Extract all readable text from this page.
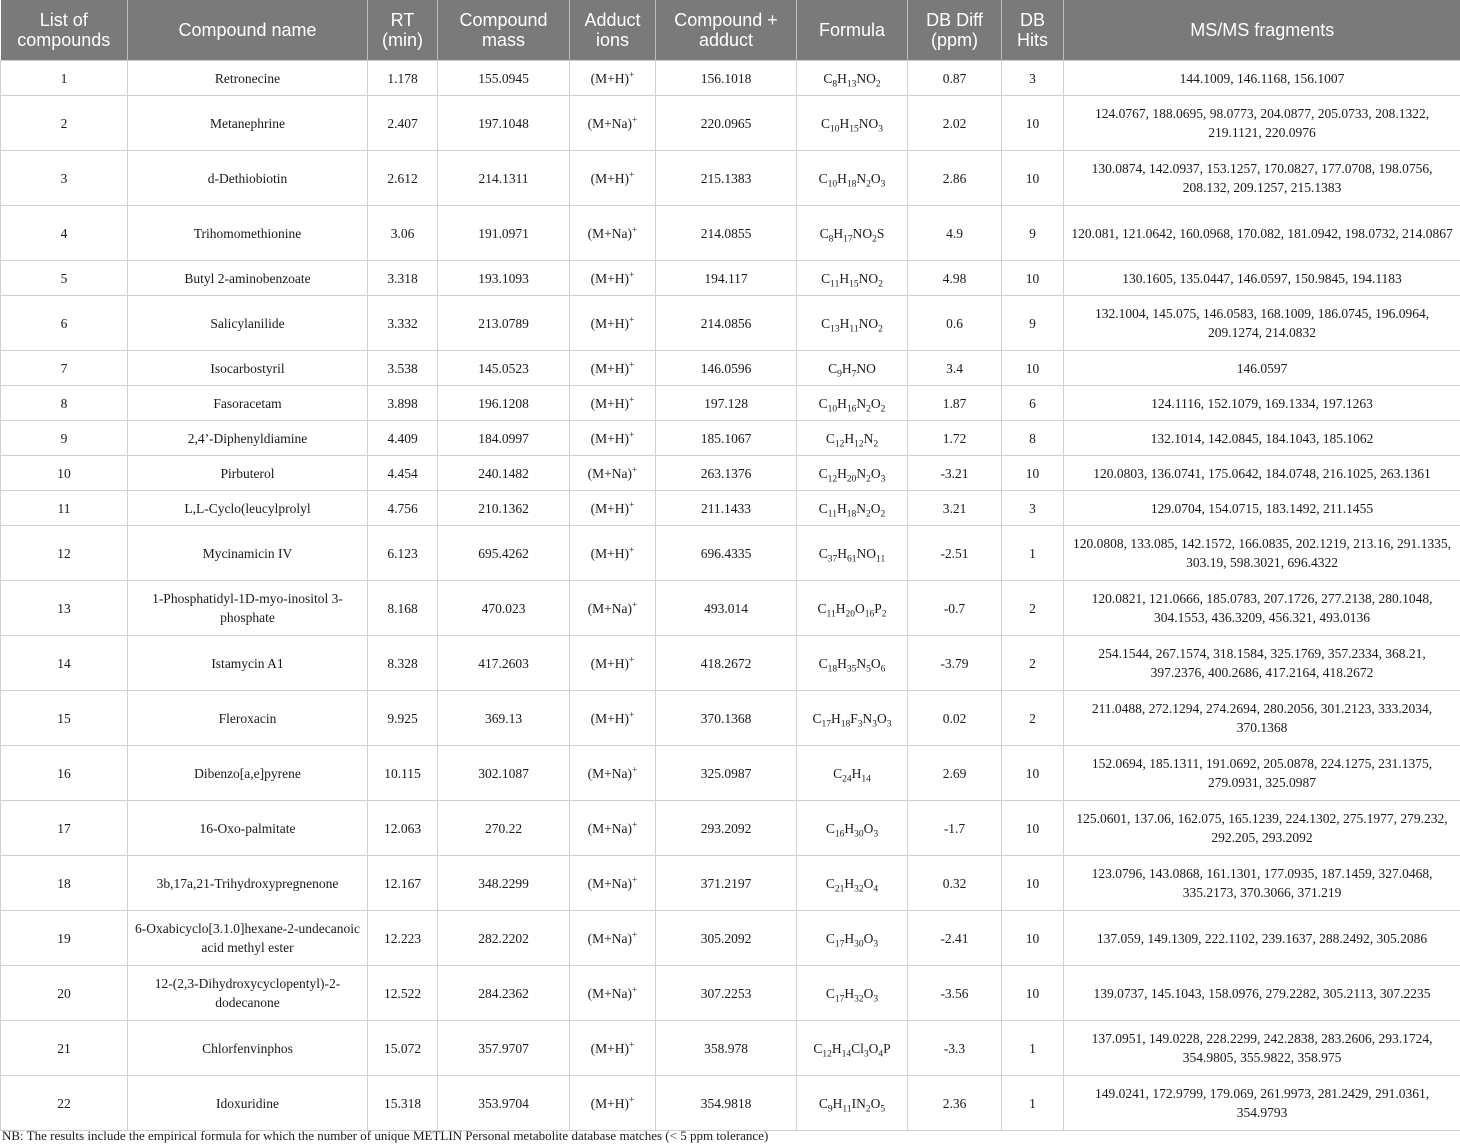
List of compounds	Compound name	RT (min)	Compound mass	Adduct ions	Compound + adduct	Formula	DB Diff (ppm)	DB Hits	MS/MS fragments
1	Retronecine	1.178	155.0945	(M+H)+	156.1018	$C_8H_{13}NO_2$	0.87	3	144.1009, 146.1168, 156.1007
2	Metanephrine	2.407	197.1048	(M+Na)+	220.0965	$C_{10}H_{15}NO_3$	2.02	10	124.0767, 188.0695, 98.0773, 204.0877, 205.0733, 208.1322, 219.1121, 220.0976
3	d-Dethiobiotin	2.612	214.1311	(M+H)+	215.1383	$C_{10}H_{18}N_2O_3$	2.86	10	130.0874, 142.0937, 153.1257, 170.0827, 177.0708, 198.0756, 208.132, 209.1257, 215.1383
4	Trihomomethionine	3.06	191.0971	(M+Na)+	214.0855	$C_8H_{17}NO_2S$	4.9	9	120.081, 121.0642, 160.0968, 170.082, 181.0942, 198.0732, 214.0867
5	Butyl 2-aminobenzoate	3.318	193.1093	(M+H)+	194.117	$C_{11}H_{15}NO_2$	4.98	10	130.1605, 135.0447, 146.0597, 150.9845, 194.1183
6	Salicylanilide	3.332	213.0789	(M+H)+	214.0856	$C_{13}H_{11}NO_2$	0.6	9	132.1004, 145.075, 146.0583, 168.1009, 186.0745, 196.0964, 209.1274, 214.0832
7	Isocarbostyril	3.538	145.0523	(M+H)+	146.0596	$C_9H_7NO$	3.4	10	146.0597
8	Fasoracetam	3.898	196.1208	(M+H)+	197.128	$C_{10}H_{16}N_2O_2$	1.87	6	124.1116, 152.1079, 169.1334, 197.1263
9	2,4’-Diphenyldiamine	4.409	184.0997	(M+H)+	185.1067	$C_{12}H_{12}N_2$	1.72	8	132.1014, 142.0845, 184.1043, 185.1062
10	Pirbuterol	4.454	240.1482	(M+Na)+	263.1376	$C_{12}H_{20}N_2O_3$	-3.21	10	120.0803, 136.0741, 175.0642, 184.0748, 216.1025, 263.1361
11	L,L-Cyclo(leucylprolyl	4.756	210.1362	(M+H)+	211.1433	$C_{11}H_{18}N_2O_2$	3.21	3	129.0704, 154.0715, 183.1492, 211.1455
12	Mycinamicin IV	6.123	695.4262	(M+H)+	696.4335	$C_{37}H_{61}NO_{11}$	-2.51	1	120.0808, 133.085, 142.1572, 166.0835, 202.1219, 213.16, 291.1335, 303.19, 598.3021, 696.4322
13	1-Phosphatidyl-1D-myo-inositol 3-phosphate	8.168	470.023	(M+Na)+	493.014	$C_{11}H_{20}O_{16}P_2$	-0.7	2	120.0821, 121.0666, 185.0783, 207.1726, 277.2138, 280.1048, 304.1553, 436.3209, 456.321, 493.0136
14	Istamycin A1	8.328	417.2603	(M+H)+	418.2672	$C_{18}H_{35}N_5O_6$	-3.79	2	254.1544, 267.1574, 318.1584, 325.1769, 357.2334, 368.21, 397.2376, 400.2686, 417.2164, 418.2672
15	Fleroxacin	9.925	369.13	(M+H)+	370.1368	$C_{17}H_{18}F_3N_3O_3$	0.02	2	211.0488, 272.1294, 274.2694, 280.2056, 301.2123, 333.2034, 370.1368
16	Dibenzo[a,e]pyrene	10.115	302.1087	(M+Na)+	325.0987	$C_{24}H_{14}$	2.69	10	152.0694, 185.1311, 191.0692, 205.0878, 224.1275, 231.1375, 279.0931, 325.0987
17	16-Oxo-palmitate	12.063	270.22	(M+Na)+	293.2092	$C_{16}H_{30}O_3$	-1.7	10	125.0601, 137.06, 162.075, 165.1239, 224.1302, 275.1977, 279.232, 292.205, 293.2092
18	3b,17a,21-Trihydroxypregnenone	12.167	348.2299	(M+Na)+	371.2197	$C_{21}H_{32}O_4$	0.32	10	123.0796, 143.0868, 161.1301, 177.0935, 187.1459, 327.0468, 335.2173, 370.3066, 371.219
19	6-Oxabicyclo[3.1.0]hexane-2-undecanoic acid methyl ester	12.223	282.2202	(M+Na)+	305.2092	$C_{17}H_{30}O_3$	-2.41	10	137.059, 149.1309, 222.1102, 239.1637, 288.2492, 305.2086
20	12-(2,3-Dihydroxycyclopentyl)-2-dodecanone	12.522	284.2362	(M+Na)+	307.2253	$C_{17}H_{32}O_3$	-3.56	10	139.0737, 145.1043, 158.0976, 279.2282, 305.2113, 307.2235
21	Chlorfenvinphos	15.072	357.9707	(M+H)+	358.978	$C_{12}H_{14}Cl_3O_4P$	-3.3	1	137.0951, 149.0228, 228.2299, 242.2838, 283.2606, 293.1724, 354.9805, 355.9822, 358.975
22	Idoxuridine	15.318	353.9704	(M+H)+	354.9818	$C_9H_{11}IN_2O_5$	2.36	1	149.0241, 172.9799, 179.069, 261.9973, 281.2429, 291.0361, 354.9793
NB: The results include the empirical formula for which the number of unique METLIN Personal metabolite database matches (< 5 ppm tolerance)
